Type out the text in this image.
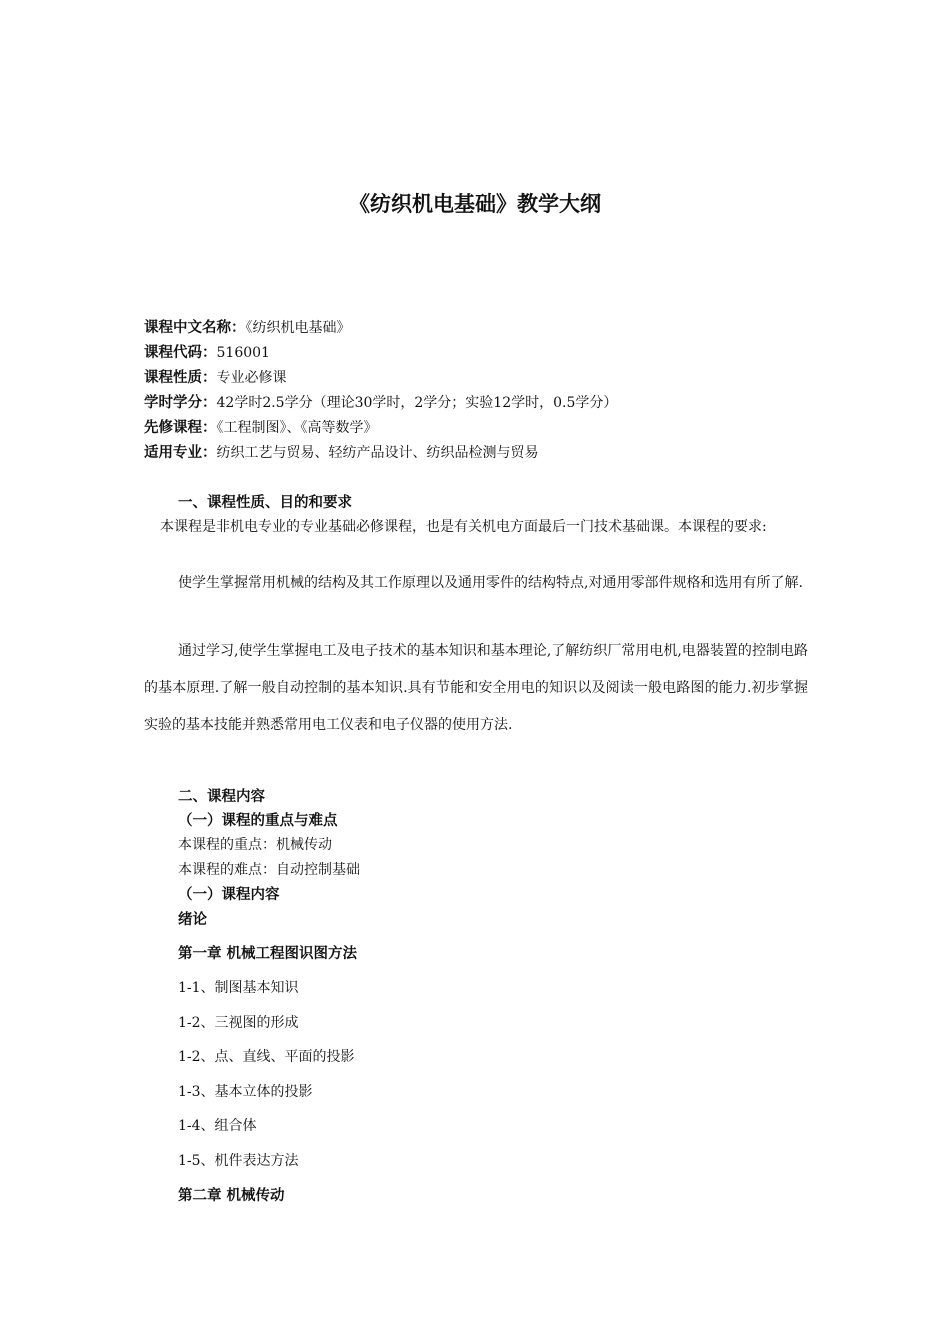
《纺织机电基础》教学大纲
课程中文名称：《纺织机电基础》
课程代码：516001
课程性质：专业必修课
学时学分：42学时2.5学分（理论30学时，2学分；实验12学时，0.5学分）
先修课程：《工程制图》、《高等数学》
适用专业：纺织工艺与贸易、轻纺产品设计、纺织品检测与贸易
一、课程性质、目的和要求
本课程是非机电专业的专业基础必修课程，也是有关机电方面最后一门技术基础课。本课程的要求:
使学生掌握常用机械的结构及其工作原理以及通用零件的结构特点,对通用零部件规格和选用有所了解.
通过学习,使学生掌握电工及电子技术的基本知识和基本理论,了解纺织厂常用电机,电器装置的控制电路的基本原理.了解一般自动控制的基本知识.具有节能和安全用电的知识以及阅读一般电路图的能力.初步掌握实验的基本技能并熟悉常用电工仪表和电子仪器的使用方法.
二、课程内容
（一）课程的重点与难点
本课程的重点：机械传动
本课程的难点：自动控制基础
（一）课程内容
绪论
第一章 机械工程图识图方法
1-1、制图基本知识
1-2、三视图的形成
1-2、点、直线、平面的投影
1-3、基本立体的投影
1-4、组合体
1-5、机件表达方法
第二章 机械传动
